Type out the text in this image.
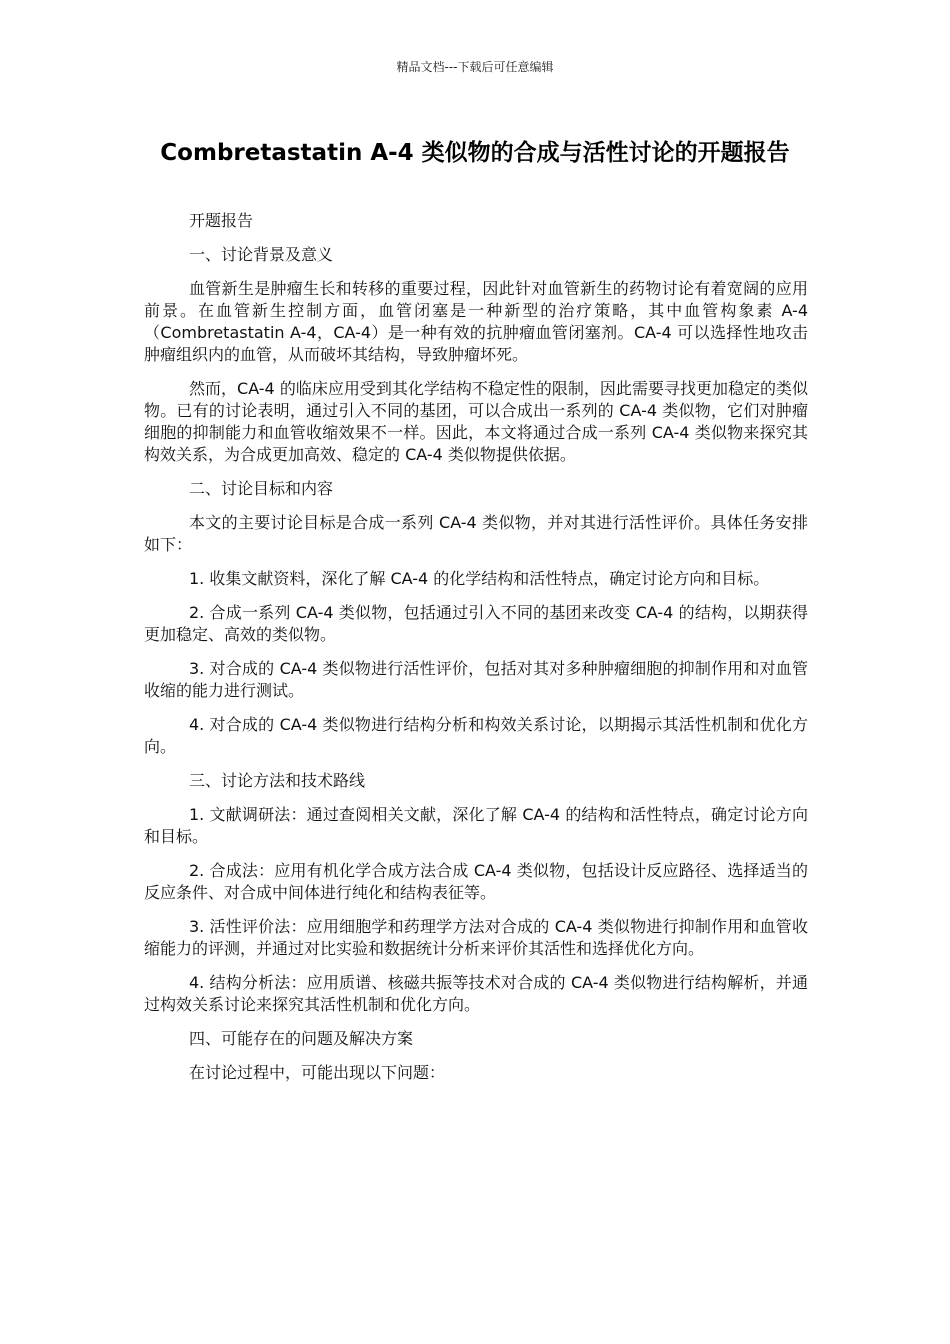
精品文档---下载后可任意编辑
Combretastatin A-4 类似物的合成与活性讨论的开题报告

开题报告

一、讨论背景及意义

血管新生是肿瘤生长和转移的重要过程，因此针对血管新生的药物讨论有着宽阔的应用前景。在血管新生控制方面，血管闭塞是一种新型的治疗策略，其中血管构象素 A-4（Combretastatin A-4，CA-4）是一种有效的抗肿瘤血管闭塞剂。CA-4 可以选择性地攻击肿瘤组织内的血管，从而破坏其结构，导致肿瘤坏死。

然而，CA-4 的临床应用受到其化学结构不稳定性的限制，因此需要寻找更加稳定的类似物。已有的讨论表明，通过引入不同的基团，可以合成出一系列的 CA-4 类似物，它们对肿瘤细胞的抑制能力和血管收缩效果不一样。因此，本文将通过合成一系列 CA-4 类似物来探究其构效关系，为合成更加高效、稳定的 CA-4 类似物提供依据。

二、讨论目标和内容

本文的主要讨论目标是合成一系列 CA-4 类似物，并对其进行活性评价。具体任务安排如下：

1. 收集文献资料，深化了解 CA-4 的化学结构和活性特点，确定讨论方向和目标。

2. 合成一系列 CA-4 类似物，包括通过引入不同的基团来改变 CA-4 的结构，以期获得更加稳定、高效的类似物。

3. 对合成的 CA-4 类似物进行活性评价，包括对其对多种肿瘤细胞的抑制作用和对血管收缩的能力进行测试。

4. 对合成的 CA-4 类似物进行结构分析和构效关系讨论，以期揭示其活性机制和优化方向。

三、讨论方法和技术路线

1. 文献调研法：通过查阅相关文献，深化了解 CA-4 的结构和活性特点，确定讨论方向和目标。

2. 合成法：应用有机化学合成方法合成 CA-4 类似物，包括设计反应路径、选择适当的反应条件、对合成中间体进行纯化和结构表征等。

3. 活性评价法：应用细胞学和药理学方法对合成的 CA-4 类似物进行抑制作用和血管收缩能力的评测，并通过对比实验和数据统计分析来评价其活性和选择优化方向。

4. 结构分析法：应用质谱、核磁共振等技术对合成的 CA-4 类似物进行结构解析，并通过构效关系讨论来探究其活性机制和优化方向。

四、可能存在的问题及解决方案

在讨论过程中，可能出现以下问题：
